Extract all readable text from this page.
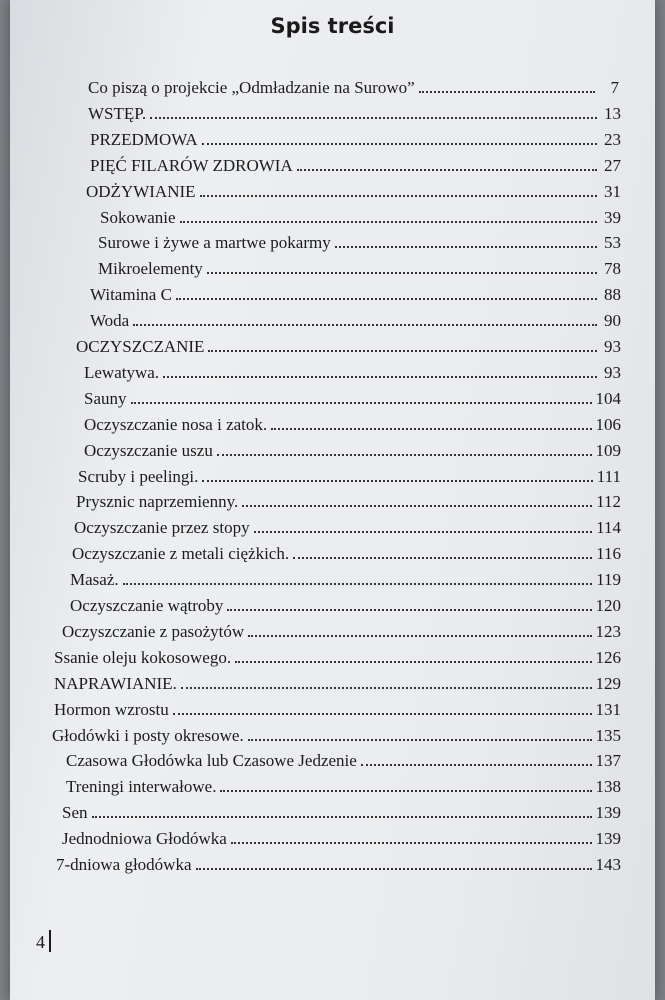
Spis treści
Co piszą o projekcie „Odmładzanie na Surowo”	7
WSTĘP.	13
PRZEDMOWA	23
PIĘĆ FILARÓW ZDROWIA	27
ODŻYWIANIE	31
Sokowanie	39
Surowe i żywe a martwe pokarmy	53
Mikroelementy	78
Witamina C	88
Woda	90
OCZYSZCZANIE	93
Lewatywa.	93
Sauny	104
Oczyszczanie nosa i zatok.	106
Oczyszczanie uszu	109
Scruby i peelingi.	111
Prysznic naprzemienny.	112
Oczyszczanie przez stopy	114
Oczyszczanie z metali ciężkich.	116
Masaż.	119
Oczyszczanie wątroby	120
Oczyszczanie z pasożytów	123
Ssanie oleju kokosowego.	126
NAPRAWIANIE.	129
Hormon wzrostu	131
Głodówki i posty okresowe.	135
Czasowa Głodówka lub Czasowe Jedzenie	137
Treningi interwałowe.	138
Sen	139
Jednodniowa Głodówka	139
7-dniowa głodówka	143
4
